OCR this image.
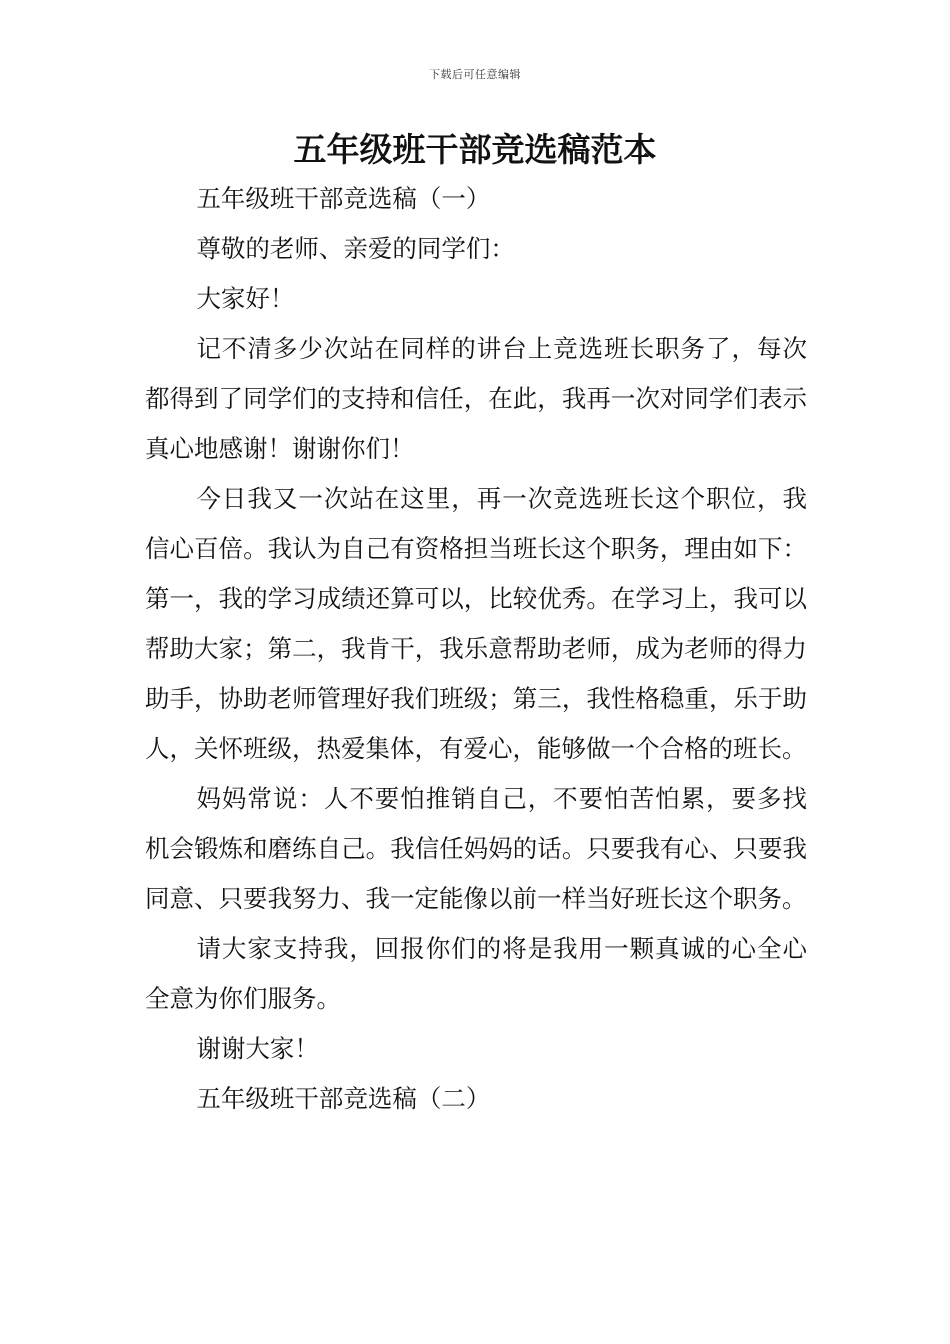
下载后可任意编辑
五年级班干部竞选稿范本

五年级班干部竞选稿（一）

尊敬的老师、亲爱的同学们：

大家好！

记不清多少次站在同样的讲台上竞选班长职务了，每次都得到了同学们的支持和信任，在此，我再一次对同学们表示真心地感谢！谢谢你们！

今日我又一次站在这里，再一次竞选班长这个职位，我信心百倍。我认为自己有资格担当班长这个职务，理由如下：第一，我的学习成绩还算可以，比较优秀。在学习上，我可以帮助大家；第二，我肯干，我乐意帮助老师，成为老师的得力助手，协助老师管理好我们班级；第三，我性格稳重，乐于助人，关怀班级，热爱集体，有爱心，能够做一个合格的班长。

妈妈常说：人不要怕推销自己，不要怕苦怕累，要多找机会锻炼和磨练自己。我信任妈妈的话。只要我有心、只要我同意、只要我努力、我一定能像以前一样当好班长这个职务。

请大家支持我，回报你们的将是我用一颗真诚的心全心全意为你们服务。

谢谢大家！

五年级班干部竞选稿（二）
